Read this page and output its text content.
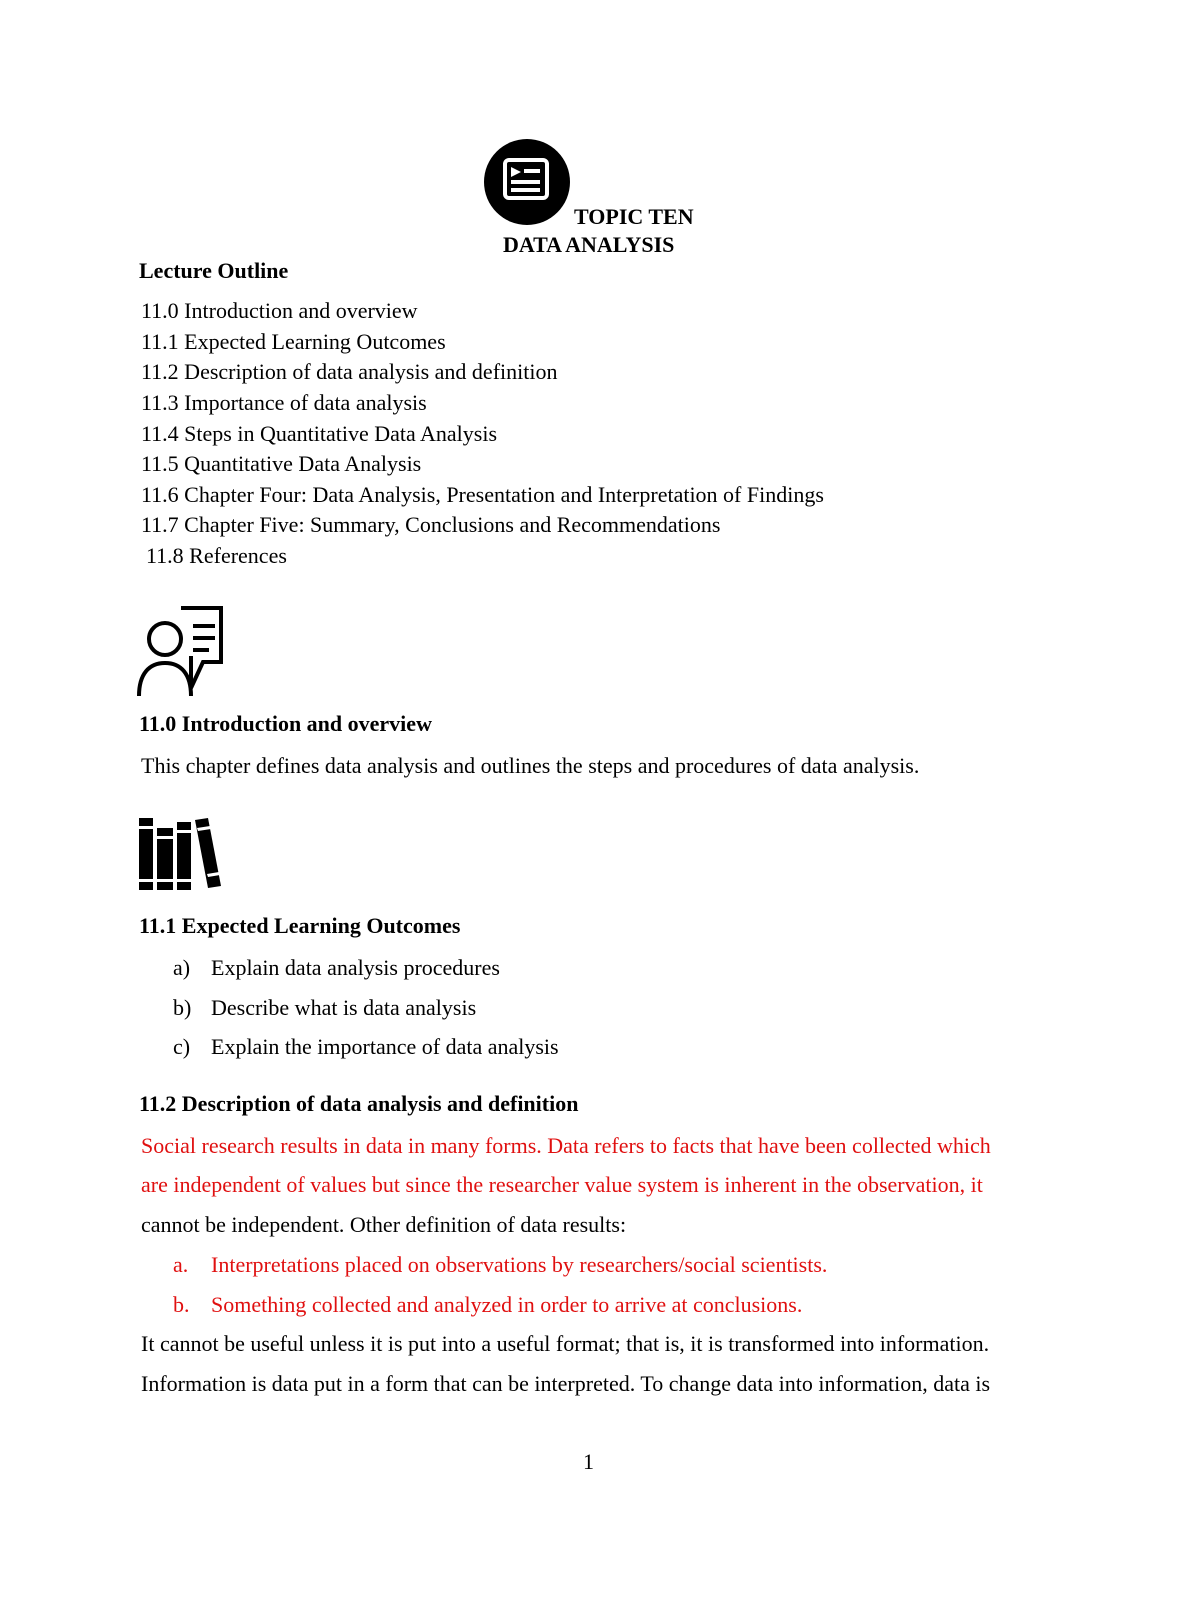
TOPIC TEN
DATA ANALYSIS
Lecture Outline
11.0 Introduction and overview
11.1 Expected Learning Outcomes
11.2 Description of data analysis and definition
11.3 Importance of data analysis
11.4 Steps in Quantitative Data Analysis
11.5 Quantitative Data Analysis
11.6 Chapter Four: Data Analysis, Presentation and Interpretation of Findings
11.7 Chapter Five: Summary, Conclusions and Recommendations
11.8 References
11.0 Introduction and overview
This chapter defines data analysis and outlines the steps and procedures of data analysis.
11.1 Expected Learning Outcomes
a) Explain data analysis procedures
b) Describe what is data analysis
c) Explain the importance of data analysis
11.2 Description of data analysis and definition
Social research results in data in many forms. Data refers to facts that have been collected which
are independent of values but since the researcher value system is inherent in the observation, it
cannot be independent. Other definition of data results:
a. Interpretations placed on observations by researchers/social scientists.
b. Something collected and analyzed in order to arrive at conclusions.
It cannot be useful unless it is put into a useful format; that is, it is transformed into information.
Information is data put in a form that can be interpreted. To change data into information, data is
1
